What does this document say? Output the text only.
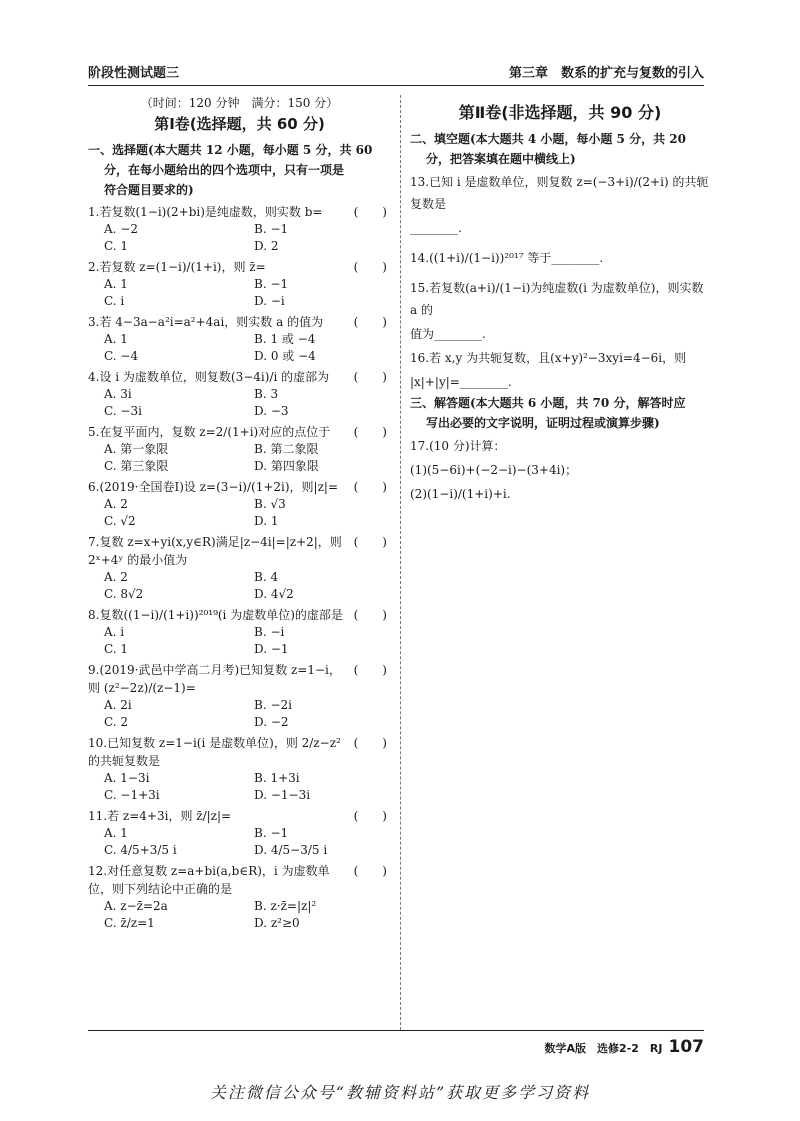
阶段性测试题三	第三章　数系的扩充与复数的引入
（时间：120 分钟　满分：150 分）
第Ⅰ卷(选择题，共 60 分)
一、选择题(本大题共 12 小题，每小题 5 分，共 60
分，在每小题给出的四个选项中，只有一项是
符合题目要求的)
1.若复数(1−i)(2+bi)是纯虚数，则实数 b=	(　　)
A. −2	B. −1
C. 1	D. 2
2.若复数 z=(1−i)/(1+i)，则 z̄=	(　　)
A. 1	B. −1
C. i	D. −i
3.若 4−3a−a²i=a²+4ai，则实数 a 的值为	(　　)
A. 1	B. 1 或 −4
C. −4	D. 0 或 −4
4.设 i 为虚数单位，则复数(3−4i)/i 的虚部为 (　　)
A. 3i	B. 3
C. −3i	D. −3
5.在复平面内，复数 z=2/(1+i)对应的点位于 (　　)
A. 第一象限	B. 第二象限
C. 第三象限	D. 第四象限
6.(2019·全国卷Ⅰ)设 z=(3−i)/(1+2i)，则|z|= (　　)
A. 2	B. √3
C. √2	D. 1
7.复数 z=x+yi(x,y∈R)满足|z−4i|=|z+2|，则 2ˣ+4ʸ 的最小值为
(　　)
A. 2	B. 4
C. 8√2	D. 4√2
8.复数((1−i)/(1+i))²⁰¹⁹(i 为虚数单位)的虚部是 (　　)
A. i	B. −i
C. 1	D. −1
9.(2019·武邑中学高二月考)已知复数 z=1−i，则 (z²−2z)/(z−1)=
(　　)
A. 2i	B. −2i
C. 2	D. −2
10.已知复数 z=1−i(i 是虚数单位)，则 2/z−z² 的共轭复数是
(　　)
A. 1−3i	B. 1+3i
C. −1+3i	D. −1−3i
11.若 z=4+3i，则 z̄/|z|=	(　　)
A. 1	B. −1
C. 4/5+3/5 i	D. 4/5−3/5 i
12.对任意复数 z=a+bi(a,b∈R)，i 为虚数单位，则下列结论中正确的是
(　　)
A. z−z̄=2a	B. z·z̄=|z|²
C. z̄/z=1	D. z²≥0
第Ⅱ卷(非选择题，共 90 分)
二、填空题(本大题共 4 小题，每小题 5 分，共 20
分，把答案填在题中横线上)
13.已知 i 是虚数单位，则复数 z=(−3+i)/(2+i) 的共轭复数是
________.
14.((1+i)/(1−i))²⁰¹⁷ 等于________.
15.若复数(a+i)/(1−i)为纯虚数(i 为虚数单位)，则实数 a 的
值为________.
16.若 x,y 为共轭复数，且(x+y)²−3xyi=4−6i，则
|x|+|y|=________.
三、解答题(本大题共 6 小题，共 70 分，解答时应
写出必要的文字说明，证明过程或演算步骤)
17.(10 分)计算：
(1)(5−6i)+(−2−i)−(3+4i)；
(2)(1−i)/(1+i)+i.
数学A版　选修2-2　RJ 107
关注微信公众号“教辅资料站”获取更多学习资料
